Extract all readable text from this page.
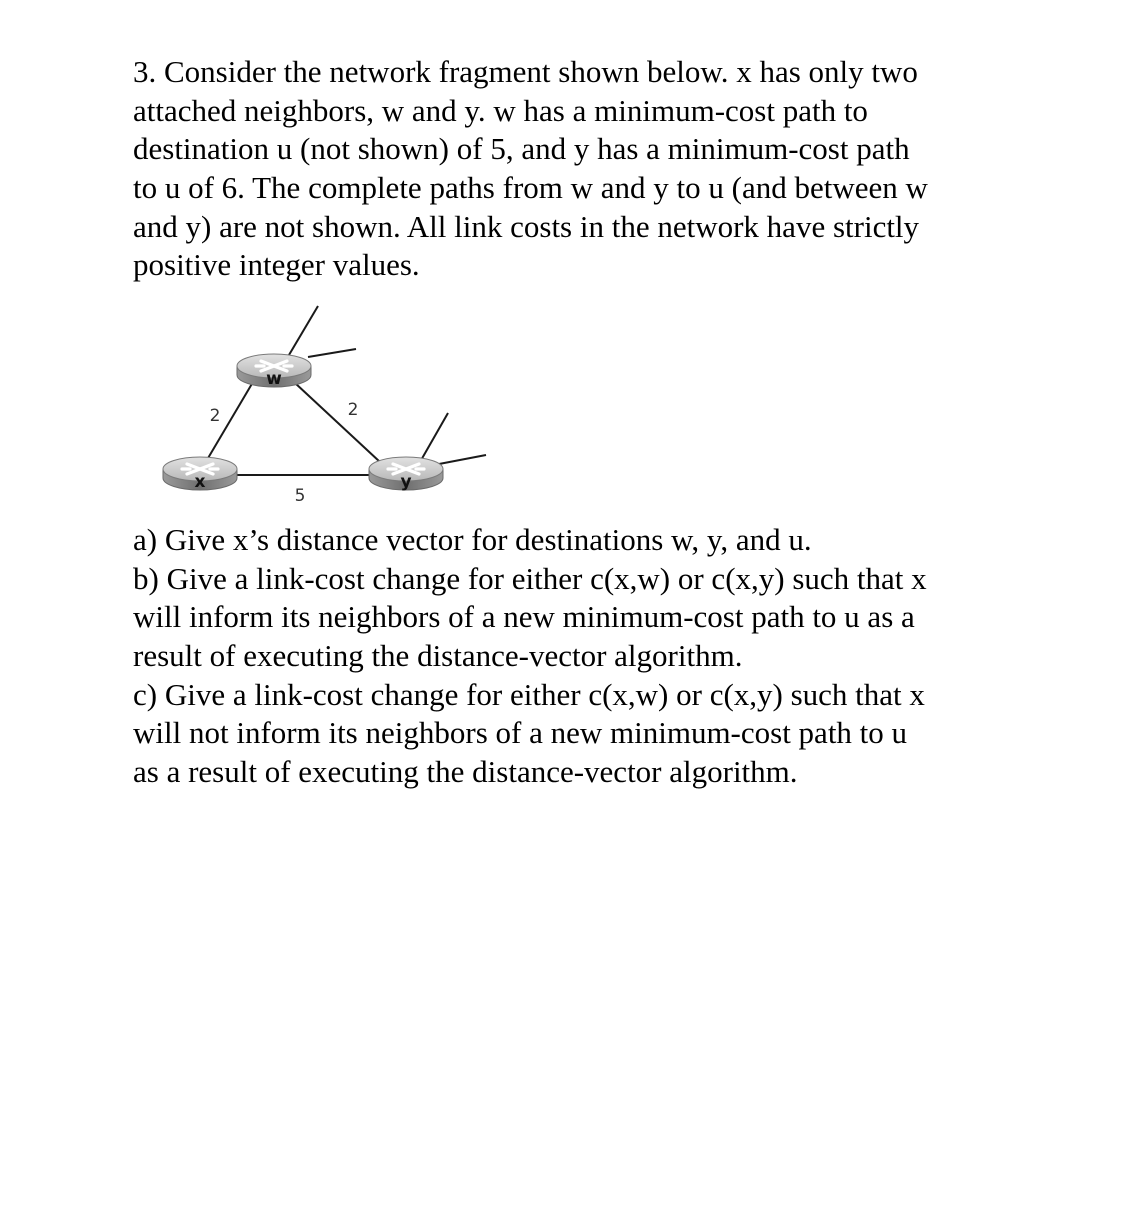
3. Consider the network fragment shown below. x has only two

attached neighbors, w and y. w has a minimum-cost path to

destination u (not shown) of 5, and y has a minimum-cost path

to u of 6. The complete paths from w and y to u (and between w

and y) are not shown. All link costs in the network have strictly

positive integer values.

2	2
5
w
x	y

a) Give x’s distance vector for destinations w, y, and u.

b) Give a link-cost change for either c(x,w) or c(x,y) such that x

will inform its neighbors of a new minimum-cost path to u as a

result of executing the distance-vector algorithm.

c) Give a link-cost change for either c(x,w) or c(x,y) such that x

will not inform its neighbors of a new minimum-cost path to u

as a result of executing the distance-vector algorithm.
